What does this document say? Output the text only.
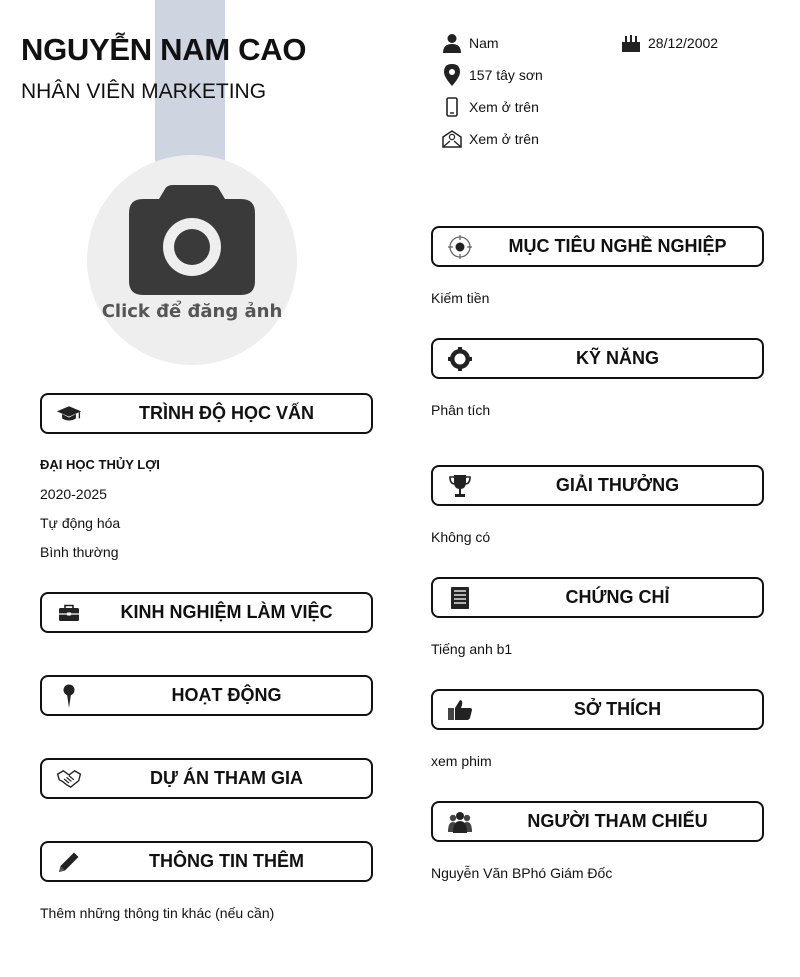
NGUYỄN NAM CAO
NHÂN VIÊN MARKETING
Click để đăng ảnh
Nam	28/12/2002
157 tây sơn
Xem ở trên
Xem ở trên
TRÌNH ĐỘ HỌC VẤN
ĐẠI HỌC THỦY LỢI
2020-2025
Tự động hóa
Bình thường
KINH NGHIỆM LÀM VIỆC
HOẠT ĐỘNG
DỰ ÁN THAM GIA
THÔNG TIN THÊM
Thêm những thông tin khác (nếu cần)
MỤC TIÊU NGHỀ NGHIỆP
Kiếm tiền
KỸ NĂNG
Phân tích
GIẢI THƯỞNG
Không có
CHỨNG CHỈ
Tiếng anh b1
SỞ THÍCH
xem phim
NGƯỜI THAM CHIẾU
Nguyễn Văn BPhó Giám Đốc
